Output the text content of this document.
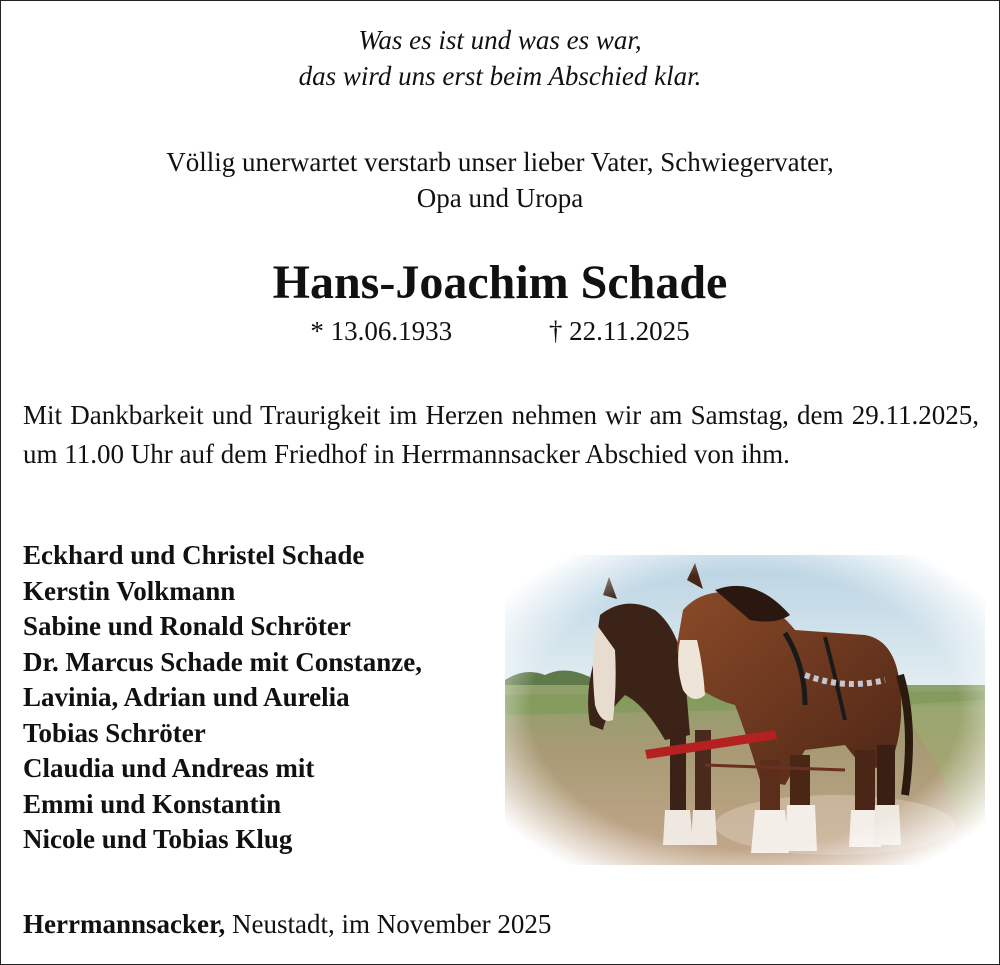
Was es ist und was es war,
das wird uns erst beim Abschied klar.
Völlig unerwartet verstarb unser lieber Vater, Schwiegervater,
Opa und Uropa
Hans-Joachim Schade
* 13.06.1933	† 22.11.2025
Mit Dankbarkeit und Traurigkeit im Herzen nehmen wir am Samstag, dem 29.11.2025, um 11.00 Uhr auf dem Friedhof in Herrmannsacker Abschied von ihm.
Eckhard und Christel Schade
Kerstin Volkmann
Sabine und Ronald Schröter
Dr. Marcus Schade mit Constanze,
Lavinia, Adrian und Aurelia
Tobias Schröter
Claudia und Andreas mit
Emmi und Konstantin
Nicole und Tobias Klug
Herrmannsacker, Neustadt, im November 2025
